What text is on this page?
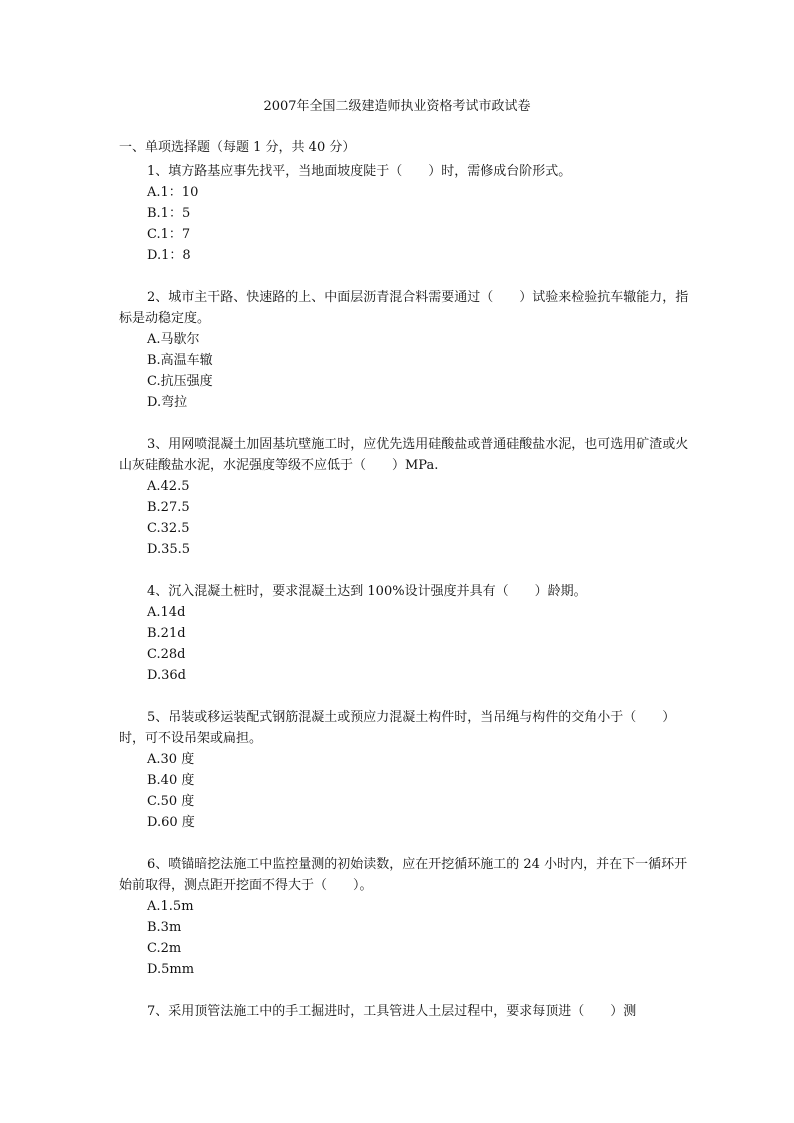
2007年全国二级建造师执业资格考试市政试卷
一、单项选择题（每题 1 分，共 40 分）

1、填方路基应事先找平，当地面坡度陡于（　　）时，需修成台阶形式。

A.1：10
B.1：5
C.1：7
D.1：8

2、城市主干路、快速路的上、中面层沥青混合料需要通过（　　）试验来检验抗车辙能力，指标是动稳定度。

A.马歇尔
B.高温车辙
C.抗压强度
D.弯拉

3、用网喷混凝土加固基坑壁施工时，应优先选用硅酸盐或普通硅酸盐水泥，也可选用矿渣或火山灰硅酸盐水泥，水泥强度等级不应低于（　　）MPa.

A.42.5
B.27.5
C.32.5
D.35.5

4、沉入混凝土桩时，要求混凝土达到 100%设计强度并具有（　　）龄期。

A.14d
B.21d
C.28d
D.36d

5、吊装或移运装配式钢筋混凝土或预应力混凝土构件时，当吊绳与构件的交角小于（　　）时，可不设吊架或扁担。

A.30 度
B.40 度
C.50 度
D.60 度

6、喷锚暗挖法施工中监控量测的初始读数，应在开挖循环施工的 24 小时内，并在下一循环开始前取得，测点距开挖面不得大于（　　）。

A.1.5m
B.3m
C.2m
D.5mm

7、采用顶管法施工中的手工掘进时，工具管进人土层过程中，要求每顶进（　　）测
